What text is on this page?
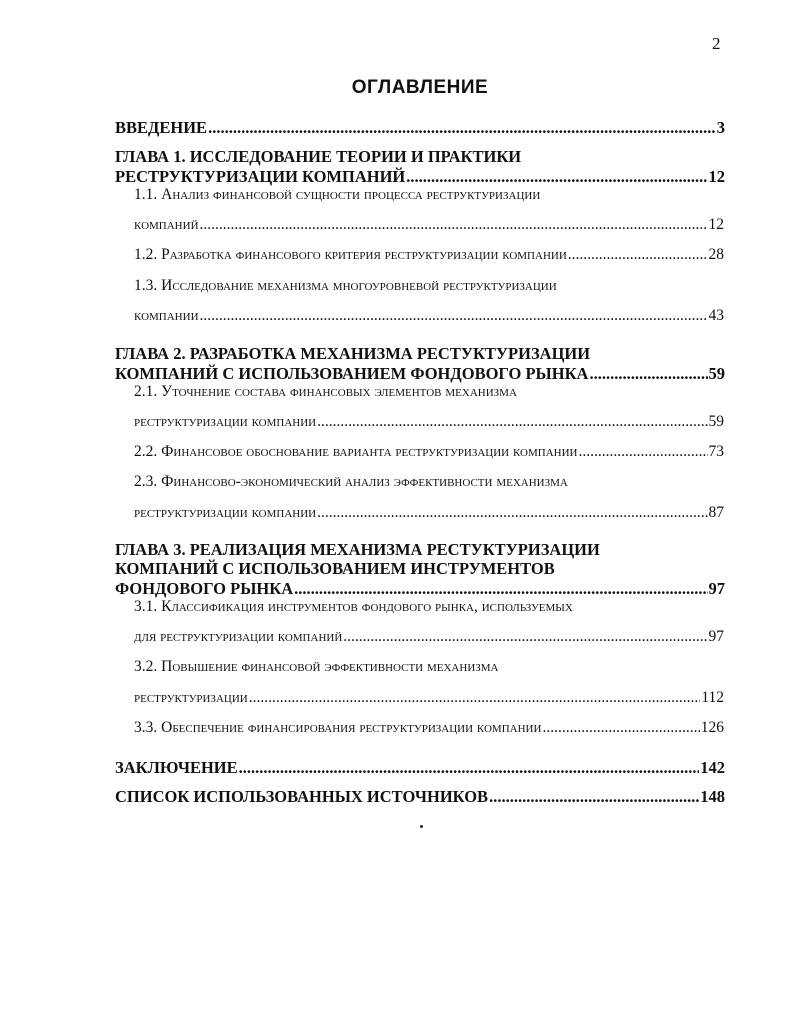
2
ОГЛАВЛЕНИЕ
ВВЕДЕНИЕ .....	3
ГЛАВА 1. ИССЛЕДОВАНИЕ ТЕОРИИ И ПРАКТИКИ
РЕСТРУКТУРИЗАЦИИ КОМПАНИЙ .....	12
1.1. Анализ финансовой сущности процесса реструктуризации
компаний .....	12
1.2. Разработка финансового критерия реструктуризации компании .....	28
1.3. Исследование механизма многоуровневой реструктуризации
компании .....	43
ГЛАВА 2. РАЗРАБОТКА МЕХАНИЗМА РЕСТУКТУРИЗАЦИИ
КОМПАНИЙ С ИСПОЛЬЗОВАНИЕМ ФОНДОВОГО РЫНКА .....	59
2.1. Уточнение состава финансовых элементов механизма
реструктуризации компании .....	59
2.2. Финансовое обоснование варианта реструктуризации компании .....	73
2.3. Финансово-экономический анализ эффективности механизма
реструктуризации компании .....	87
ГЛАВА 3. РЕАЛИЗАЦИЯ МЕХАНИЗМА РЕСТУКТУРИЗАЦИИ
КОМПАНИЙ С ИСПОЛЬЗОВАНИЕМ ИНСТРУМЕНТОВ
ФОНДОВОГО РЫНКА .....	97
3.1. Классификация инструментов фондового рынка, используемых
для реструктуризации компаний .....	97
3.2. Повышение финансовой эффективности механизма
реструктуризации .....	112
3.3. Обеспечение финансирования реструктуризации компании .....	126
ЗАКЛЮЧЕНИЕ .....	142
СПИСОК ИСПОЛЬЗОВАННЫХ ИСТОЧНИКОВ .....	148
